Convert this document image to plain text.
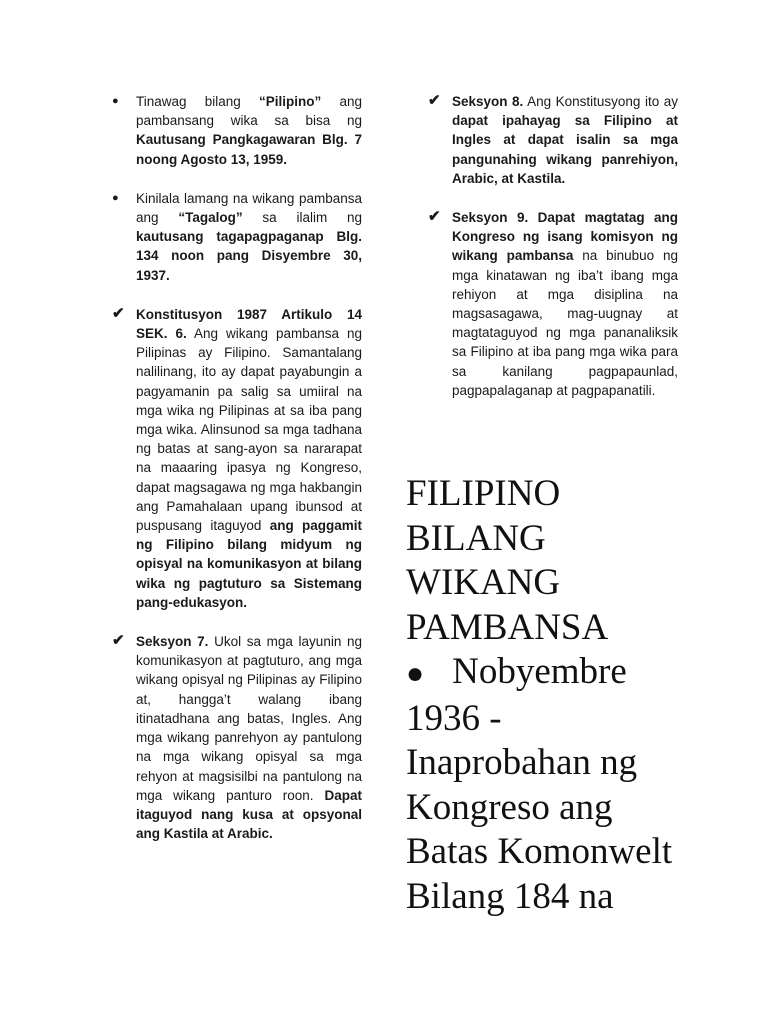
●	Tinawag bilang “Pilipino” ang pambansang wika sa bisa ng Kautusang Pangkagawaran Blg. 7 noong Agosto 13, 1959.
●	Kinilala lamang na wikang pambansa ang “Tagalog” sa ilalim ng kautusang tagapagpaganap Blg. 134 noon pang Disyembre 30, 1937.
✔ Konstitusyon 1987 Artikulo 14 SEK. 6. Ang wikang pambansa ng Pilipinas ay Filipino. Samantalang nalilinang, ito ay dapat payabungin a pagyamanin pa salig sa umiiral na mga wika ng Pilipinas at sa iba pang mga wika. Alinsunod sa mga tadhana ng batas at sang-ayon sa nararapat na maaaring ipasya ng Kongreso, dapat magsagawa ng mga hakbangin ang Pamahalaan upang ibunsod at puspusang itaguyod ang paggamit ng Filipino bilang midyum ng opisyal na komunikasyon at bilang wika ng pagtuturo sa Sistemang pang-edukasyon.
✔ Seksyon 7. Ukol sa mga layunin ng komunikasyon at pagtuturo, ang mga wikang opisyal ng Pilipinas ay Filipino at, hangga’t walang ibang itinatadhana ang batas, Ingles. Ang mga wikang panrehyon ay pantulong na mga wikang opisyal sa mga rehyon at magsisilbi na pantulong na mga wikang panturo roon. Dapat itaguyod nang kusa at opsyonal ang Kastila at Arabic.
✔ Seksyon 8. Ang Konstitusyong ito ay dapat ipahayag sa Filipino at Ingles at dapat isalin sa mga pangunahing wikang panrehiyon, Arabic, at Kastila.
✔ Seksyon 9. Dapat magtatag ang Kongreso ng isang komisyon ng wikang pambansa na binubuo ng mga kinatawan ng iba’t ibang mga rehiyon at mga disiplina na magsasagawa, mag-uugnay at magtataguyod ng mga pananaliksik sa Filipino at iba pang mga wika para sa kanilang pagpapaunlad, pagpapalaganap at pagpapanatili.
FILIPINO
BILANG
WIKANG
PAMBANSA
● Nobyembre
1936 -
Inaprobahan ng
Kongreso ang
Batas Komonwelt
Bilang 184 na
